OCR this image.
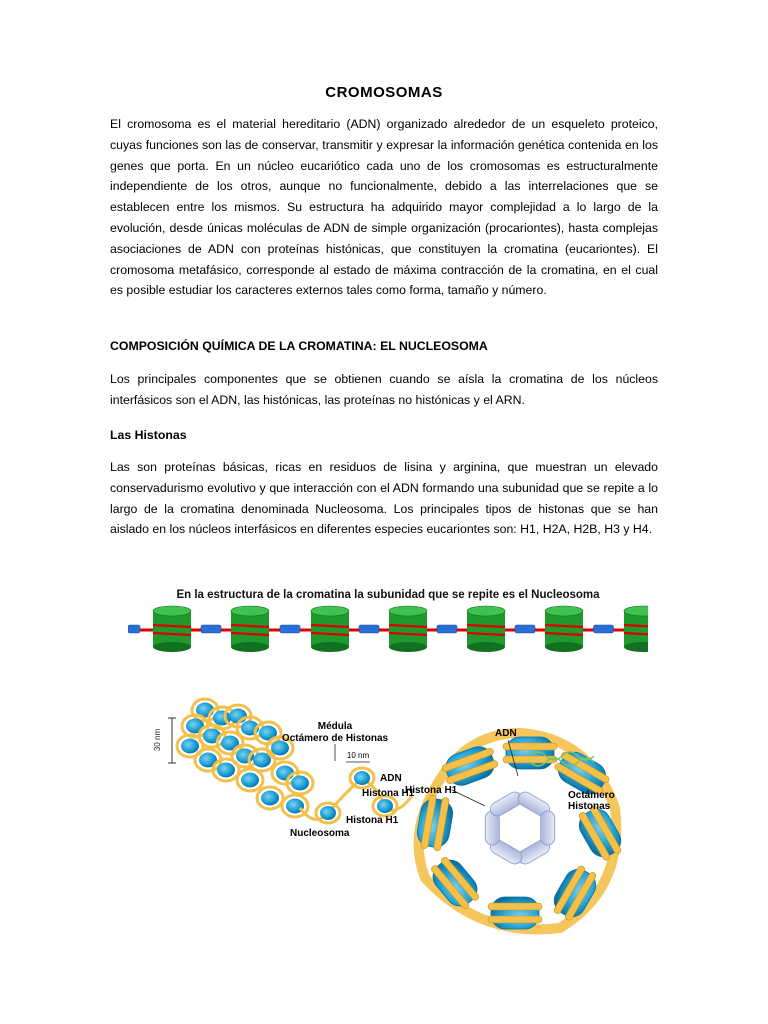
CROMOSOMAS

El cromosoma es el material hereditario (ADN) organizado alrededor de un esqueleto proteico, cuyas funciones son las de conservar, transmitir y expresar la información genética contenida en los genes que porta. En un núcleo eucariótico cada uno de los cromosomas es estructuralmente independiente de los otros, aunque no funcionalmente, debido a las interrelaciones que se establecen entre los mismos. Su estructura ha adquirido mayor complejidad a lo largo de la evolución, desde únicas moléculas de ADN de simple organización (procariontes), hasta complejas asociaciones de ADN con proteínas histónicas, que constituyen la cromatina (eucariontes). El cromosoma metafásico, corresponde al estado de máxima contracción de la cromatina, en el cual es posible estudiar los caracteres externos tales como forma, tamaño y número.

COMPOSICIÓN QUÍMICA DE LA CROMATINA: EL NUCLEOSOMA

Los principales componentes que se obtienen cuando se aísla la cromatina de los núcleos interfásicos son el ADN, las histónicas, las proteínas no histónicas y el ARN.

Las Histonas

Las son proteínas básicas, ricas en residuos de lisina y arginina, que muestran un elevado conservadurismo evolutivo y que interacción con el ADN formando una subunidad que se repite a lo largo de la cromatina denominada Nucleosoma. Los principales tipos de histonas que se han aislado en los núcleos interfásicos en diferentes especies eucariontes son: H1, H2A, H2B, H3 y H4.

En la estructura de la cromatina la subunidad que se repite es el Nucleosoma
30 nm
Médula
Octámero de Histonas
10 nm
ADN
Histona H1
Histona H1
Nucleosoma
ADN
Histona H1	Octámero
Histonas
